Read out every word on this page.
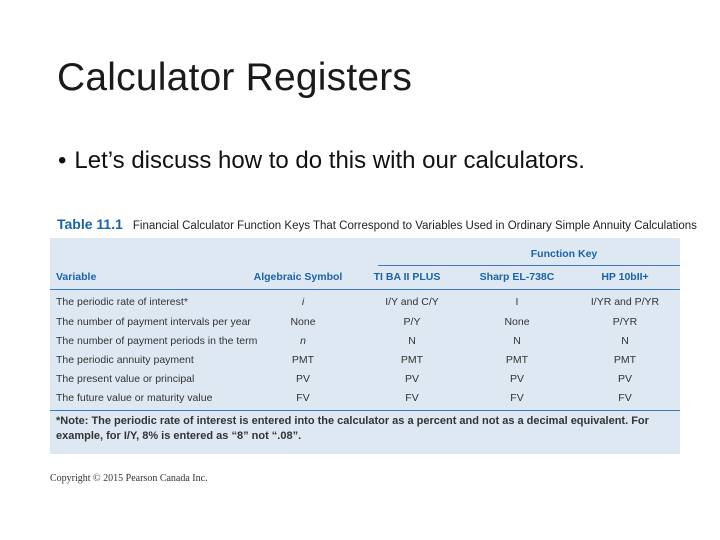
Calculator Registers
• Let’s discuss how to do this with our calculators.
Table 11.1 Financial Calculator Function Keys That Correspond to Variables Used in Ordinary Simple Annuity Calculations
Function Key
Variable	Algebraic Symbol	TI BA II PLUS	Sharp EL-738C	HP 10bII+
The periodic rate of interest*	i	I/Y and C/Y	I	I/YR and P/YR
The number of payment intervals per year	None	P/Y	None	P/YR
The number of payment periods in the term	n	N	N	N
The periodic annuity payment	PMT	PMT	PMT	PMT
The present value or principal	PV	PV	PV	PV
The future value or maturity value	FV	FV	FV	FV
*Note: The periodic rate of interest is entered into the calculator as a percent and not as a decimal equivalent. For example, for I/Y, 8% is entered as “8” not “.08”.
Copyright © 2015 Pearson Canada Inc.
